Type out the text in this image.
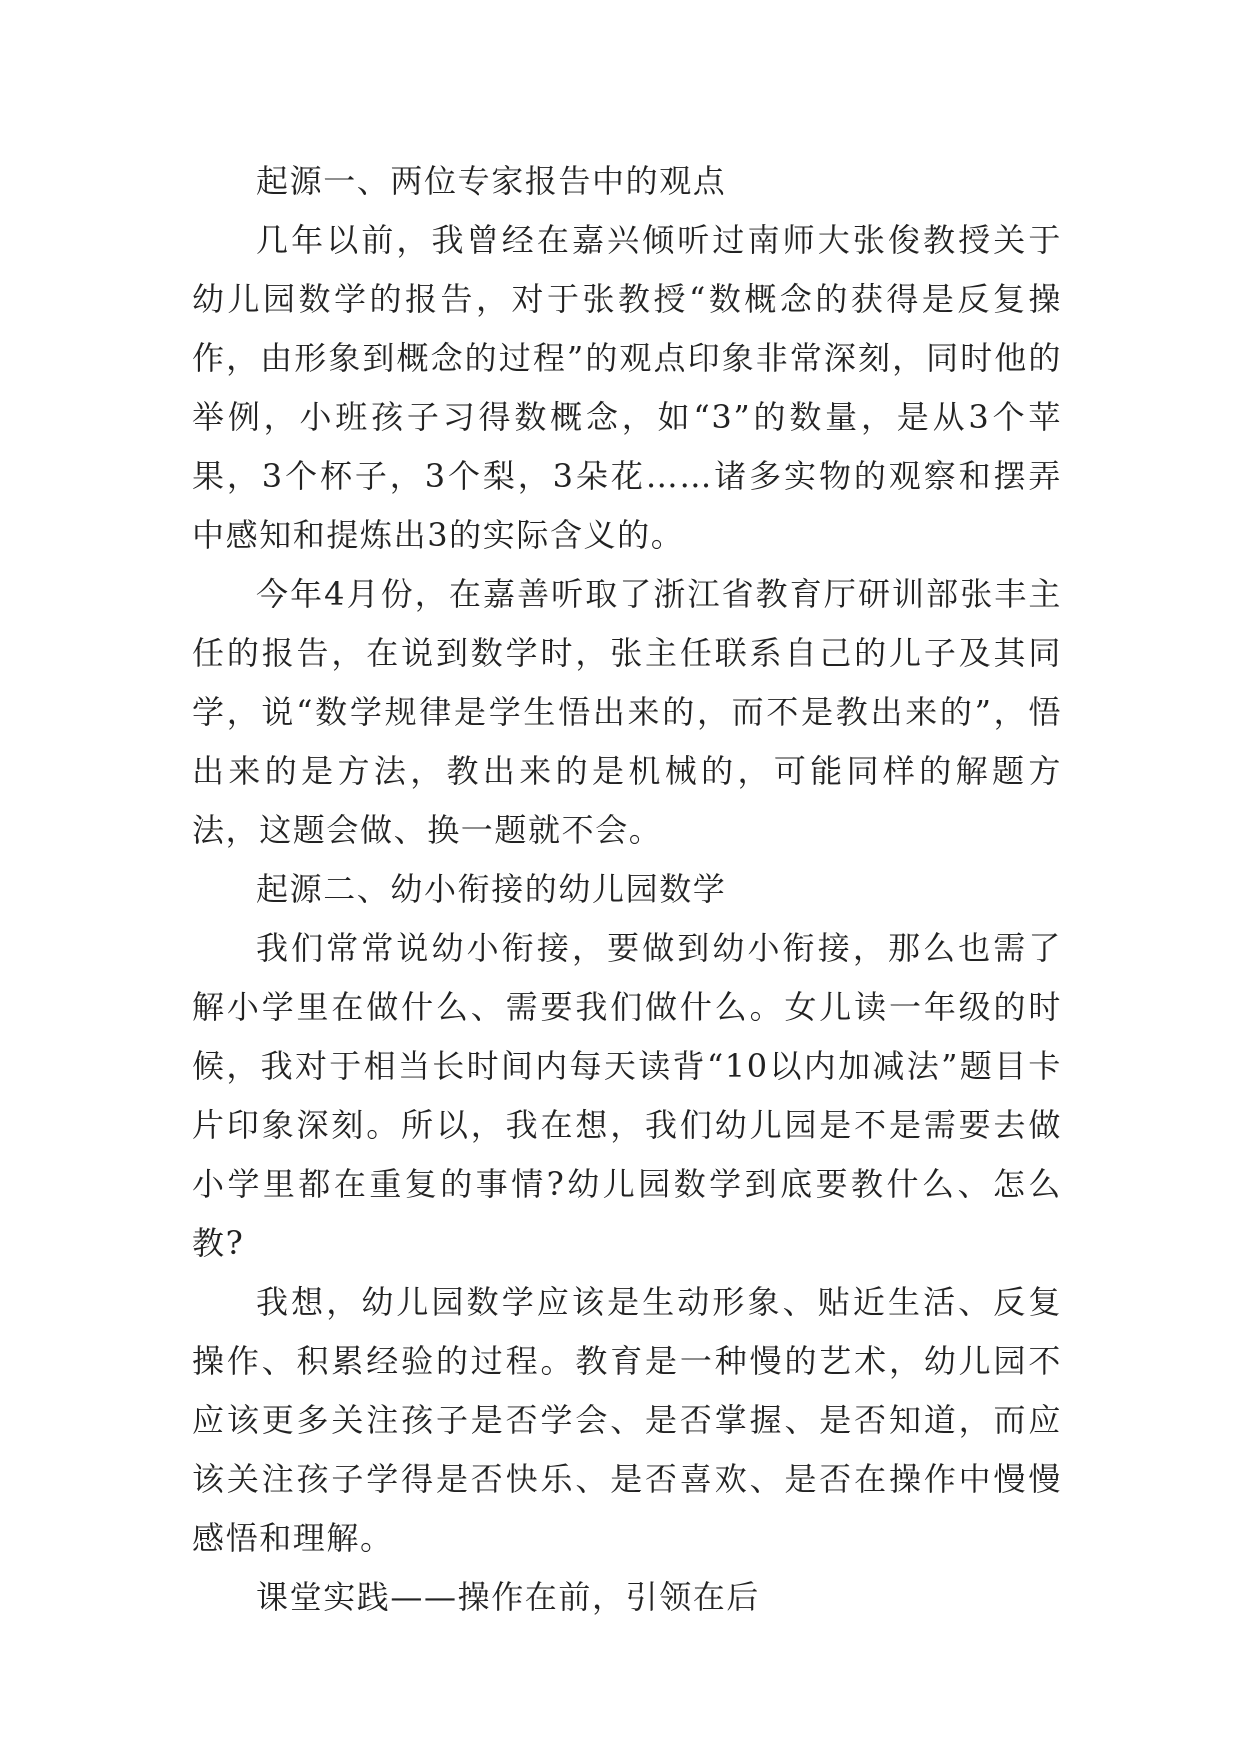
起源一、两位专家报告中的观点

几年以前，我曾经在嘉兴倾听过南师大张俊教授关于幼儿园数学的报告，对于张教授“数概念的获得是反复操作，由形象到概念的过程”的观点印象非常深刻，同时他的举例，小班孩子习得数概念，如“3”的数量，是从3个苹果，3个杯子，3个梨，3朵花……诸多实物的观察和摆弄中感知和提炼出3的实际含义的。

今年4月份，在嘉善听取了浙江省教育厅研训部张丰主任的报告，在说到数学时，张主任联系自己的儿子及其同学，说“数学规律是学生悟出来的，而不是教出来的”，悟出来的是方法，教出来的是机械的，可能同样的解题方法，这题会做、换一题就不会。

起源二、幼小衔接的幼儿园数学

我们常常说幼小衔接，要做到幼小衔接，那么也需了解小学里在做什么、需要我们做什么。女儿读一年级的时候，我对于相当长时间内每天读背“10以内加减法”题目卡片印象深刻。所以，我在想，我们幼儿园是不是需要去做小学里都在重复的事情?幼儿园数学到底要教什么、怎么教?

我想，幼儿园数学应该是生动形象、贴近生活、反复操作、积累经验的过程。教育是一种慢的艺术，幼儿园不应该更多关注孩子是否学会、是否掌握、是否知道，而应该关注孩子学得是否快乐、是否喜欢、是否在操作中慢慢感悟和理解。

课堂实践——操作在前，引领在后
